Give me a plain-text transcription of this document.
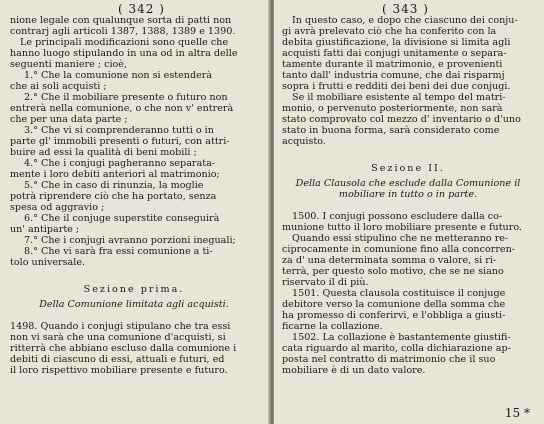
( 342 )
nione legale con qualunque sorta di patti non
contrarj agli articoli 1387, 1388, 1389 e 1390.
Le principali modificazioni sono quelle che
hanno luogo stipulando in una od in altra delle
seguenti maniere ; cioè,
1.° Che la comunione non si estenderà
che ai soli acquisti ;
2.° Che il mobiliare presente o futuro non
entrerà nella comunione, o che non v' entrerà
che per una data parte ;
3.° Che vi si comprenderanno tutti o in
parte gl' immobili presenti o futuri, con attri-
buire ad essi la qualità di beni mobili ;
4.° Che i conjugi pagheranno separata-
mente i loro debiti anteriori al matrimonio;
5.° Che in caso di rinunzia, la moglie
potrà riprendere ciò che ha portato, senza
spesa od aggravio ;
6.° Che il conjuge superstite conseguirà
un' antiparte ;
7.° Che i conjugi avranno porzioni ineguali;
8.° Che vi sarà fra essi comunione a ti-
tolo universale.
Sezione prima.
Della Comunione limitata agli acquisti.
1498. Quando i conjugi stipulano che tra essi
non vi sarà che una comunione d'acquisti, si
ritterrà che abbiano escluso dalla comunione i
debiti di ciascuno di essi, attuali e futuri, ed
il loro rispettivo mobiliare presente e futuro.
( 343 )
In questo caso, e dopo che ciascuno dei conju-
gi avrà prelevato ciò che ha conferito con la
debita giustificazione, la divisione si limita agli
acquisti fatti dai conjugi unitamente o separa-
tamente durante il matrimonio, e provenienti
tanto dall' industria comune, che dai risparmj
sopra i frutti e redditi dei beni dei due conjugi.
Se il mobiliare esistente al tempo del matri-
monio, o pervenuto posteriormente, non sarà
stato comprovato col mezzo d' inventario o d'uno
stato in buona forma, sarà considerato come
acquisto.
Sezione II.
Della Clausola che esclude dalla Comunione il
mobiliare in tutto o in parte.
1500. I conjugi possono escludere dalla co-
munione tutto il loro mobiliare presente e futuro.
Quando essi stipulino che ne metteranno re-
ciprocamente in comunione fino alla concorren-
za d' una determinata somma o valore, si ri-
terrà, per questo solo motivo, che se ne siano
riservato il di più.
1501. Questa clausola costituisce il conjuge
debitore verso la comunione della somma che
ha promesso di conferirvi, e l'obbliga a giusti-
ficarne la collazione.
1502. La collazione è bastantemente giustifi-
cata riguardo al marito, colla dichiarazione ap-
posta nel contratto di matrimonio che il suo
mobiliare è di un dato valore.
15 *
